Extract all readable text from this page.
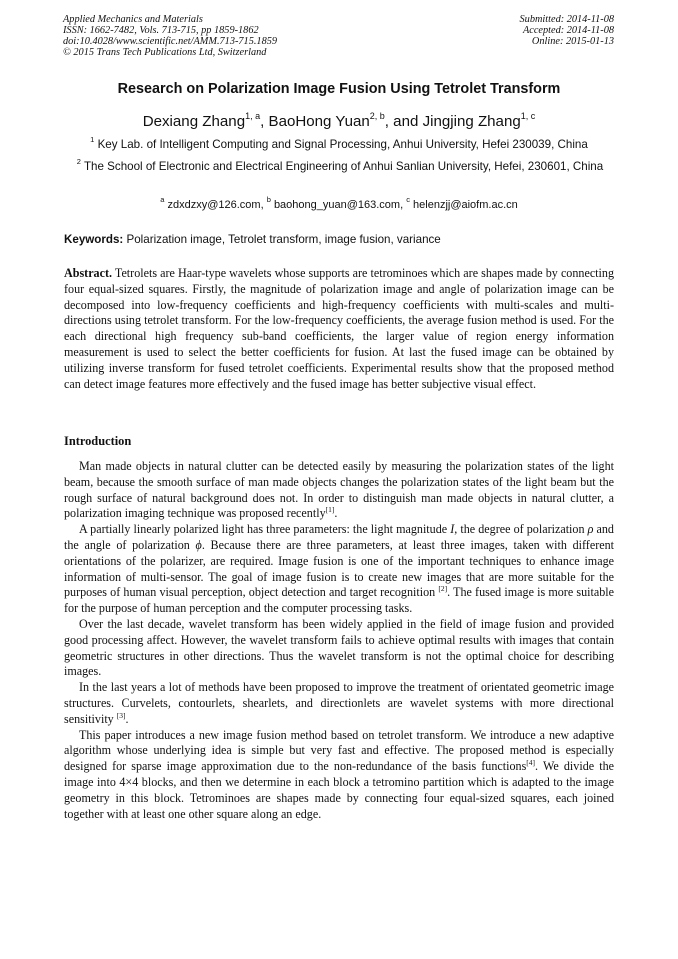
Applied Mechanics and Materials
ISSN: 1662-7482, Vols. 713-715, pp 1859-1862
doi:10.4028/www.scientific.net/AMM.713-715.1859
© 2015 Trans Tech Publications Ltd, Switzerland
Submitted: 2014-11-08
Accepted: 2014-11-08
Online: 2015-01-13
Research on Polarization Image Fusion Using Tetrolet Transform
Dexiang Zhang$^{1, a}$, BaoHong Yuan$^{2, b}$, and Jingjing Zhang$^{1, c}$
$^1$ Key Lab. of Intelligent Computing and Signal Processing, Anhui University, Hefei 230039, China
$^2$ The School of Electronic and Electrical Engineering of Anhui Sanlian University, Hefei, 230601, China
$^a$ zdxdzxy@126.com, $^b$ baohong_yuan@163.com, $^c$ helenzjj@aiofm.ac.cn
Keywords: Polarization image, Tetrolet transform, image fusion, variance
Abstract. Tetrolets are Haar-type wavelets whose supports are tetrominoes which are shapes made by connecting four equal-sized squares. Firstly, the magnitude of polarization image and angle of polarization image can be decomposed into low-frequency coefficients and high-frequency coefficients with multi-scales and multi-directions using tetrolet transform. For the low-frequency coefficients, the average fusion method is used. For the each directional high frequency sub-band coefficients, the larger value of region energy information measurement is used to select the better coefficients for fusion. At last the fused image can be obtained by utilizing inverse transform for fused tetrolet coefficients. Experimental results show that the proposed method can detect image features more effectively and the fused image has better subjective visual effect.
Introduction

Man made objects in natural clutter can be detected easily by measuring the polarization states of the light beam, because the smooth surface of man made objects changes the polarization states of the light beam but the rough surface of natural background does not. In order to distinguish man made objects in natural clutter, a polarization imaging technique was proposed recently[1].

A partially linearly polarized light has three parameters: the light magnitude I, the degree of polarization ρ and the angle of polarization ϕ. Because there are three parameters, at least three images, taken with different orientations of the polarizer, are required. Image fusion is one of the important techniques to enhance image information of multi-sensor. The goal of image fusion is to create new images that are more suitable for the purposes of human visual perception, object detection and target recognition [2]. The fused image is more suitable for the purpose of human perception and the computer processing tasks.

Over the last decade, wavelet transform has been widely applied in the field of image fusion and provided good processing affect. However, the wavelet transform fails to achieve optimal results with images that contain geometric structures in other directions. Thus the wavelet transform is not the optimal choice for describing images.

In the last years a lot of methods have been proposed to improve the treatment of orientated geometric image structures. Curvelets, contourlets, shearlets, and directionlets are wavelet systems with more directional sensitivity [3].

This paper introduces a new image fusion method based on tetrolet transform. We introduce a new adaptive algorithm whose underlying idea is simple but very fast and effective. The proposed method is especially designed for sparse image approximation due to the non-redundance of the basis functions[4]. We divide the image into 4×4 blocks, and then we determine in each block a tetromino partition which is adapted to the image geometry in this block. Tetrominoes are shapes made by connecting four equal-sized squares, each joined together with at least one other square along an edge.
